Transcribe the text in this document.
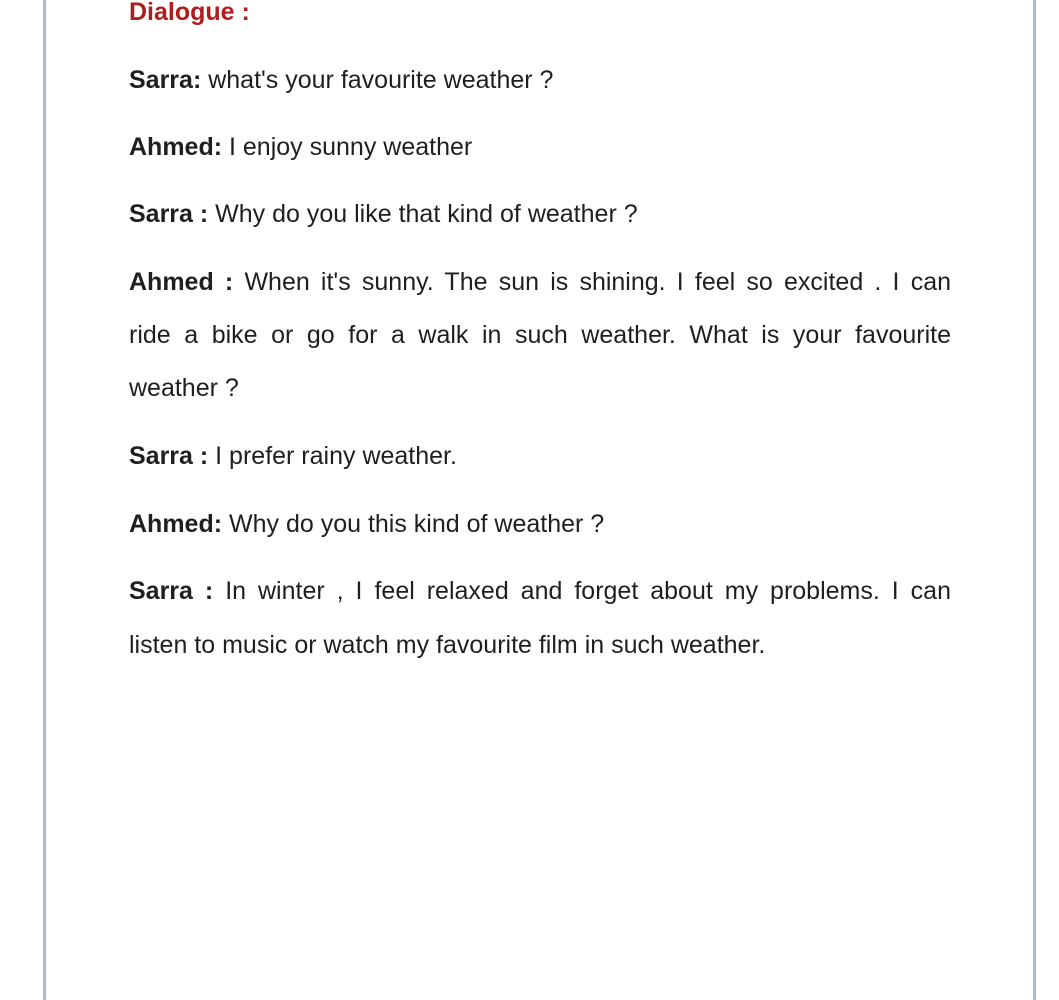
Dialogue :
Sarra: what's your favourite weather ?
Ahmed: I enjoy sunny weather
Sarra : Why do you like that kind of weather ?
Ahmed : When it's sunny. The sun is shining. I feel so excited . I can
ride a bike or go for a walk in such weather. What is your favourite
weather ?
Sarra : I prefer rainy weather.
Ahmed: Why do you this kind of weather ?
Sarra : In winter , I feel relaxed and forget about my problems. I can
listen to music or watch my favourite film in such weather.
